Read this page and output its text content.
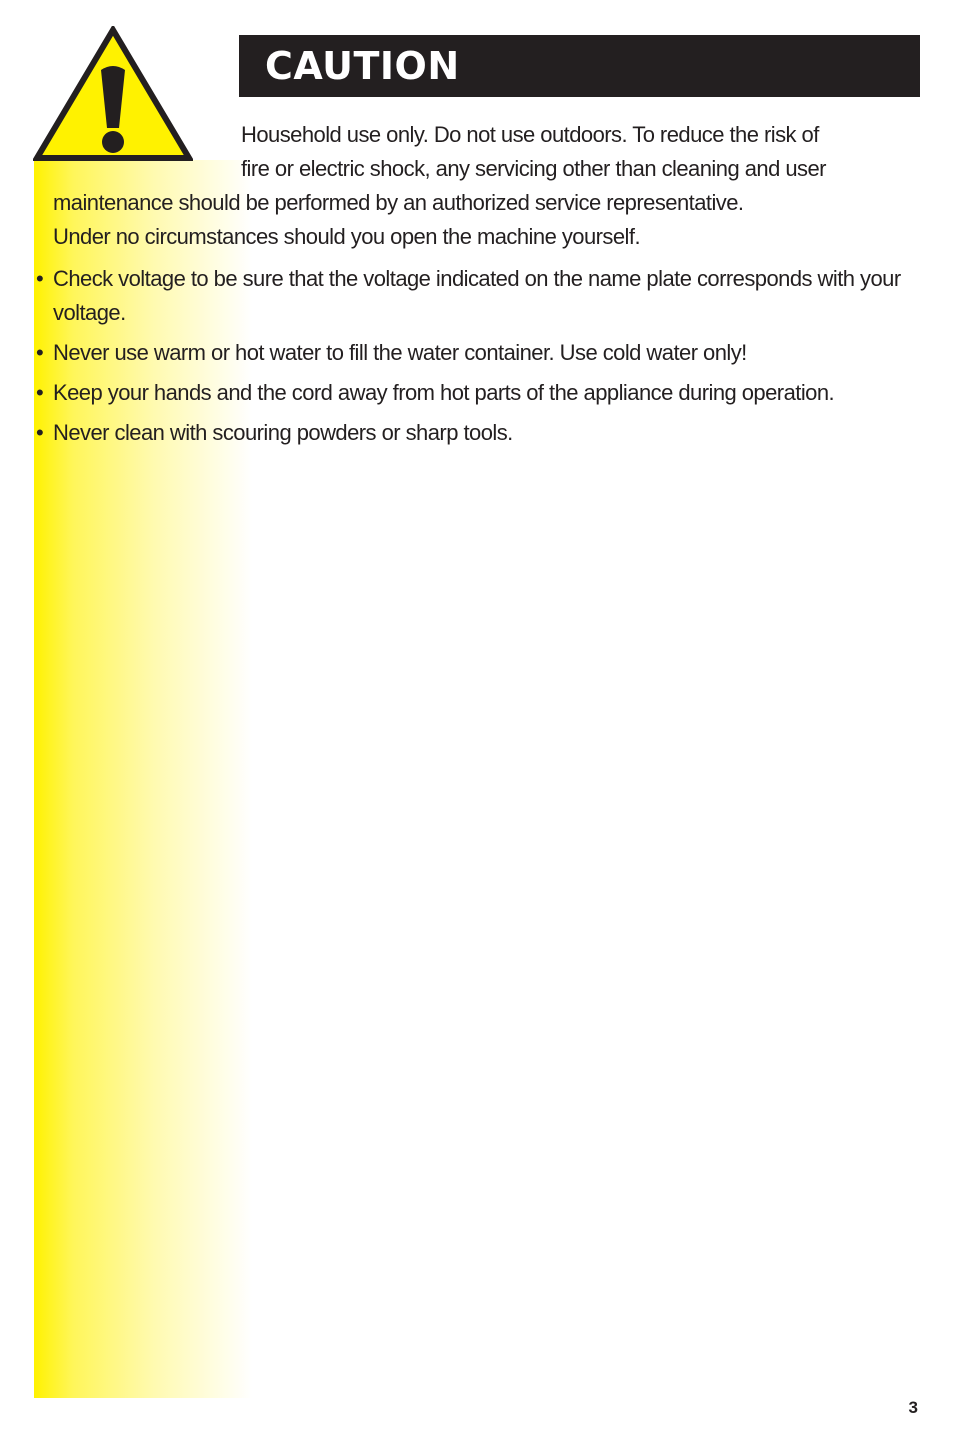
CAUTION
Household use only. Do not use outdoors. To reduce the risk of
fire or electric shock, any servicing other than cleaning and user
maintenance should be performed by an authorized service representative.
Under no circumstances should you open the machine yourself.
• Check voltage to be sure that the voltage indicated on the name plate corresponds with your voltage.
• Never use warm or hot water to fill the water container. Use cold water only!
• Keep your hands and the cord away from hot parts of the appliance during operation.
• Never clean with scouring powders or sharp tools.
3
